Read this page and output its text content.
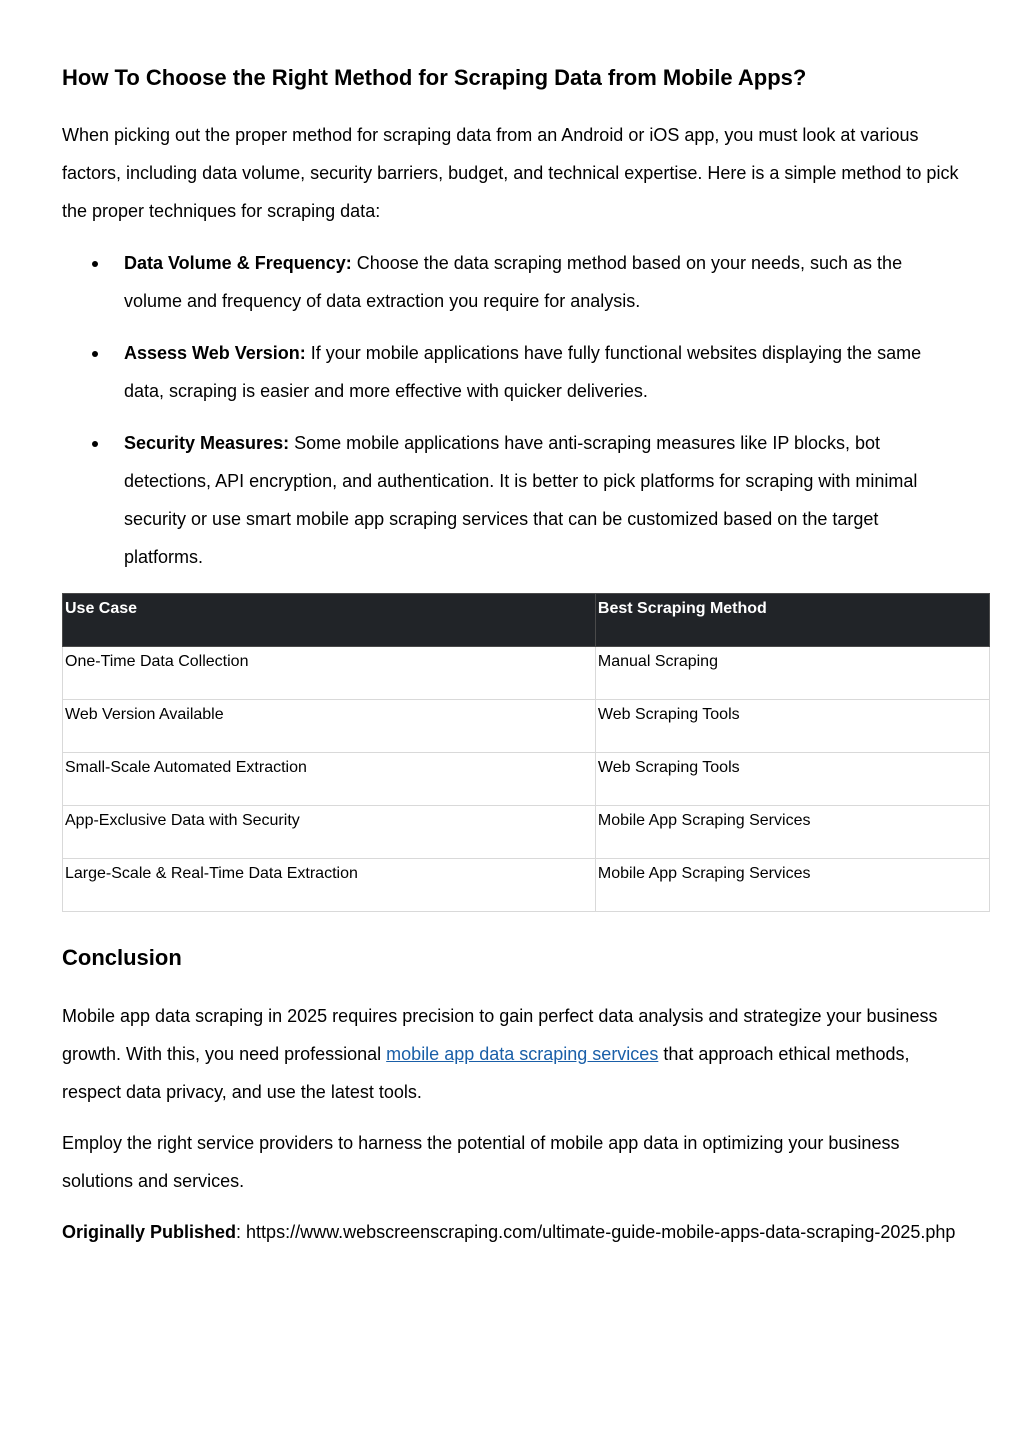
How To Choose the Right Method for Scraping Data from Mobile Apps?

When picking out the proper method for scraping data from an Android or iOS app, you must look at various factors, including data volume, security barriers, budget, and technical expertise. Here is a simple method to pick the proper techniques for scraping data:

Data Volume & Frequency: Choose the data scraping method based on your needs, such as the volume and frequency of data extraction you require for analysis.
Assess Web Version: If your mobile applications have fully functional websites displaying the same data, scraping is easier and more effective with quicker deliveries.
Security Measures: Some mobile applications have anti-scraping measures like IP blocks, bot detections, API encryption, and authentication. It is better to pick platforms for scraping with minimal security or use smart mobile app scraping services that can be customized based on the target platforms.
Use Case	Best Scraping Method
One-Time Data Collection	Manual Scraping
Web Version Available	Web Scraping Tools
Small-Scale Automated Extraction	Web Scraping Tools
App-Exclusive Data with Security	Mobile App Scraping Services
Large-Scale & Real-Time Data Extraction	Mobile App Scraping Services
Conclusion

Mobile app data scraping in 2025 requires precision to gain perfect data analysis and strategize your business growth. With this, you need professional mobile app data scraping services that approach ethical methods, respect data privacy, and use the latest tools.

Employ the right service providers to harness the potential of mobile app data in optimizing your business solutions and services.

Originally Published: https://www.webscreenscraping.com/ultimate-guide-mobile-apps-data-scraping-2025.php
